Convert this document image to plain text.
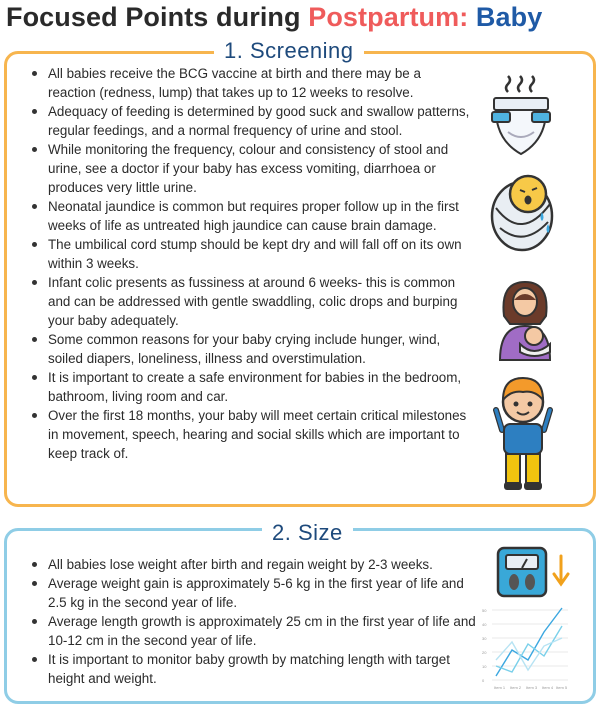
Focused Points during Postpartum: Baby
1. Screening
All babies receive the BCG vaccine at birth and there may be a reaction (redness, lump) that takes up to 12 weeks to resolve.
Adequacy of feeding is determined by good suck and swallow patterns, regular feedings, and a normal frequency of urine and stool.
While monitoring the frequency, colour and consistency of stool and urine, see a doctor if your baby has excess vomiting, diarrhoea or produces very little urine.
Neonatal jaundice is common but requires proper follow up in the first weeks of life as untreated high jaundice can cause brain damage.
The umbilical cord stump should be kept dry and will fall off on its own within 3 weeks.
Infant colic presents as fussiness at around 6 weeks- this is common and can be addressed with gentle swaddling, colic drops and burping your baby adequately.
Some common reasons for your baby crying include hunger, wind, soiled diapers, loneliness, illness and overstimulation.
It is important to create a safe environment for babies in the bedroom, bathroom, living room and car.
Over the first 18 months, your baby will meet certain critical milestones in movement, speech, hearing and social skills which are important to keep track of.
2. Size
All babies lose weight after birth and regain weight by 2-3 weeks.
Average weight gain is approximately 5-6 kg in the first year of life and 2.5 kg in the second year of life.
Average length growth is approximately 25 cm in the first year of life and 10-12 cm in the second year of life.
It is important to monitor baby growth by matching length with target height and weight.	0
10
20
30
40
50
Item 1 Item 2 Item 3 Item 4 Item 5
